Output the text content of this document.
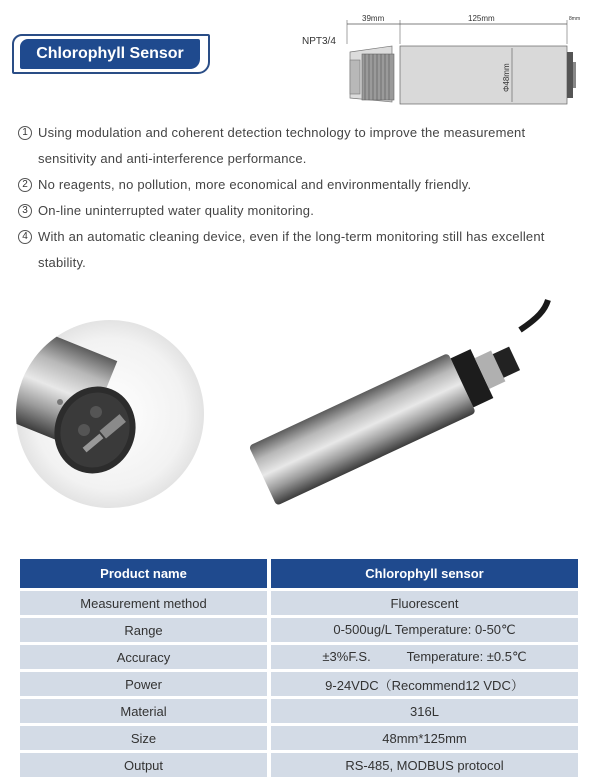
Chlorophyll Sensor
39mm	125mm	8mm
NPT3/4
Φ48mm
1 Using modulation and coherent detection technology to improve the measurement sensitivity and anti-interference performance.
2 No reagents, no pollution, more economical and environmentally friendly.
3 On-line uninterrupted water quality monitoring.
4 With an automatic cleaning device, even if the long-term monitoring still has excellent stability.
Product name	Chlorophyll sensor
Measurement method	Fluorescent
Range	0-500ug/L Temperature: 0-50℃
Accuracy	±3%F.S.          Temperature: ±0.5℃
Power	9-24VDC（Recommend12 VDC）
Material	316L
Size	48mm*125mm
Output	RS-485, MODBUS protocol
